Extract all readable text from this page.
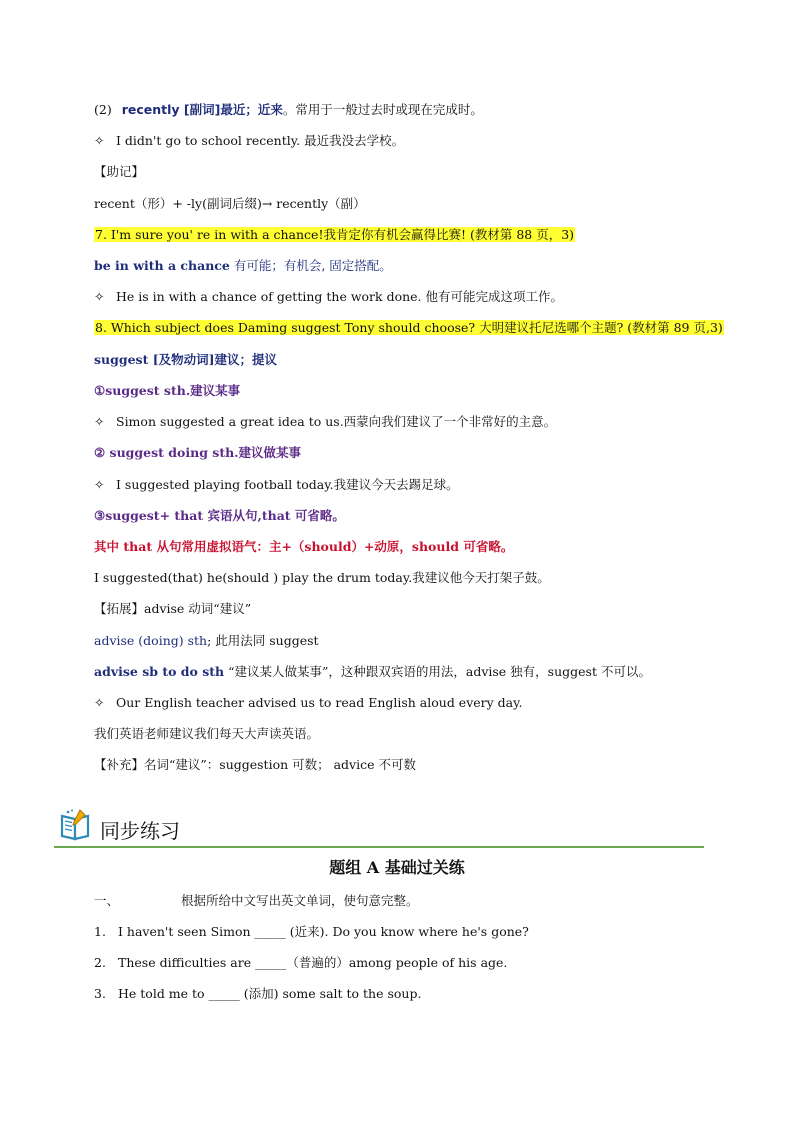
(2) recently [副词]最近；近来。常用于一般过去时或现在完成时。
✧ I didn't go to school recently. 最近我没去学校。
【助记】
recent（形）+ -ly(副词后缀)→ recently（副）
7. I'm sure you' re in with a chance!我肯定你有机会赢得比赛! (教材第 88 页，3)
be in with a chance 有可能；有机会, 固定搭配。
✧ He is in with a chance of getting the work done. 他有可能完成这项工作。
8. Which subject does Daming suggest Tony should choose? 大明建议托尼选哪个主题? (教材第 89 页,3)
suggest [及物动词]建议；提议
①suggest sth.建议某事
✧ Simon suggested a great idea to us.西蒙向我们建议了一个非常好的主意。
② suggest doing sth.建议做某事
✧ I suggested playing football today.我建议今天去踢足球。
③suggest+ that 宾语从句,that 可省略。
其中 that 从句常用虚拟语气：主+（should）+动原，should 可省略。
I suggested(that) he(should ) play the drum today.我建议他今天打架子鼓。
【拓展】advise 动词“建议”
advise (doing) sth; 此用法同 suggest
advise sb to do sth “建议某人做某事”，这种跟双宾语的用法，advise 独有，suggest 不可以。
✧ Our English teacher advised us to read English aloud every day.
我们英语老师建议我们每天大声读英语。
【补充】名词“建议”：suggestion 可数； advice 不可数
同步练习
题组 A 基础过关练
一、	根据所给中文写出英文单词，使句意完整。
1. I haven't seen Simon _____ (近来). Do you know where he's gone?
2. These difficulties are _____（普遍的）among people of his age.
3. He told me to _____ (添加) some salt to the soup.
